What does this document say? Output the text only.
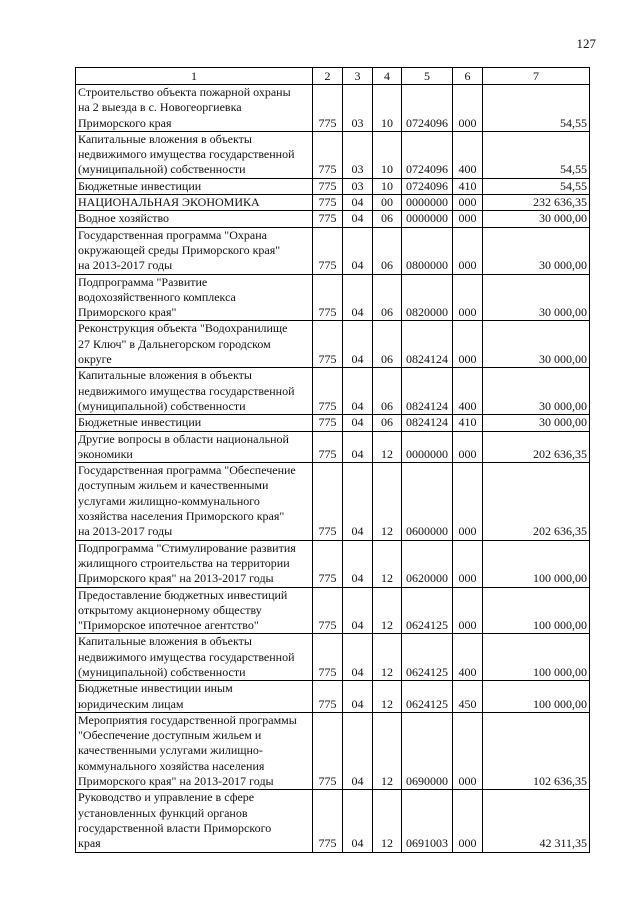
127
1	2	3	4	5	6	7

Строительство объекта пожарной охраны
на 2 выезда в с. Новогеоргиевка
Приморского края	775	03	10	0724096	000	54,55

Капитальные вложения в объекты
недвижимого имущества государственной
(муниципальной) собственности	775	03	10	0724096	400	54,55

Бюджетные инвестиции	775	03	10	0724096	410	54,55

НАЦИОНАЛЬНАЯ ЭКОНОМИКА	775	04	00	0000000	000	232 636,35

Водное хозяйство	775	04	06	0000000	000	30 000,00

Государственная программа "Охрана
окружающей среды Приморского края"
на 2013-2017 годы	775	04	06	0800000	000	30 000,00

Подпрограмма "Развитие
водохозяйственного комплекса
Приморского края"	775	04	06	0820000	000	30 000,00

Реконструкция объекта "Водохранилище
27 Ключ" в Дальнегорском городском
округе	775	04	06	0824124	000	30 000,00

Капитальные вложения в объекты
недвижимого имущества государственной
(муниципальной) собственности	775	04	06	0824124	400	30 000,00

Бюджетные инвестиции	775	04	06	0824124	410	30 000,00

Другие вопросы в области национальной
экономики	775	04	12	0000000	000	202 636,35

Государственная программа "Обеспечение
доступным жильем и качественными
услугами жилищно-коммунального
хозяйства населения Приморского края"
на 2013-2017 годы	775	04	12	0600000	000	202 636,35

Подпрограмма "Стимулирование развития
жилищного строительства на территории
Приморского края" на 2013-2017 годы	775	04	12	0620000	000	100 000,00

Предоставление бюджетных инвестиций
открытому акционерному обществу
"Приморское ипотечное агентство"	775	04	12	0624125	000	100 000,00

Капитальные вложения в объекты
недвижимого имущества государственной
(муниципальной) собственности	775	04	12	0624125	400	100 000,00

Бюджетные инвестиции иным
юридическим лицам	775	04	12	0624125	450	100 000,00

Мероприятия государственной программы
"Обеспечение доступным жильем и
качественными услугами жилищно-
коммунального хозяйства населения
Приморского края" на 2013-2017 годы	775	04	12	0690000	000	102 636,35

Руководство и управление в сфере
установленных функций органов
государственной власти Приморского
края	775	04	12	0691003	000	42 311,35
